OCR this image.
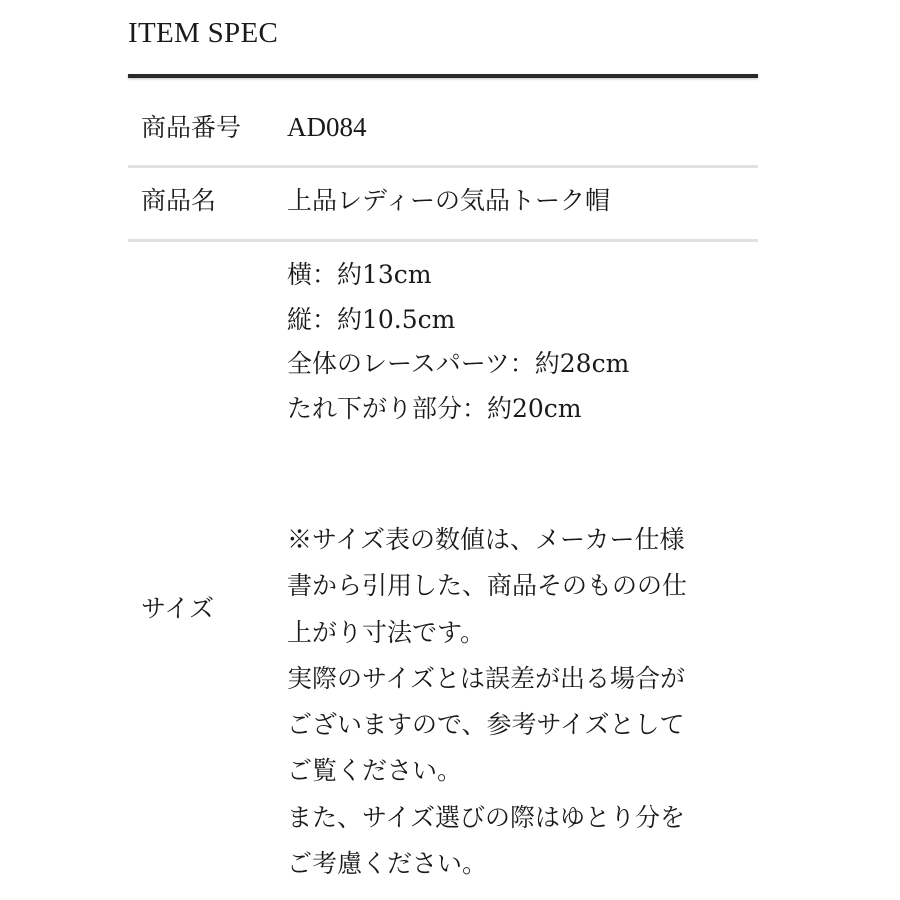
ITEM SPEC
商品番号 AD084
商品名	上品レディーの気品トーク帽
サイズ
横：約13cm
縦：約10.5cm
全体のレースパーツ：約28cm
たれ下がり部分：約20cm
※サイズ表の数値は、メーカー仕様
書から引用した、商品そのものの仕
上がり寸法です。
実際のサイズとは誤差が出る場合が
ございますので、参考サイズとして
ご覧ください。
また、サイズ選びの際はゆとり分を
ご考慮ください。
